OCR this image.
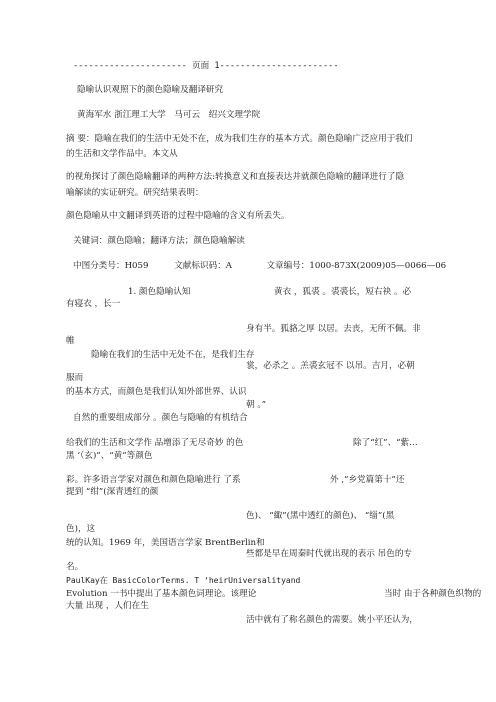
---------------------- 页面 1-----------------------
隐喻认识观照下的颜色隐喻及翻译研究
黄海军水 浙江理工大学　马可云　绍兴文理学院
摘 要：隐喻在我们的生活中无处不在，成为我们生存的基本方式。颜色隐喻广泛应用于我们
的生活和文学作品中。本文从
的视角探讨了颜色隐喻翻译的两种方法:转换意义和直接表达并就颜色隐喻的翻译进行了隐
喻解读的实证研究。研究结果表明：
颜色隐喻从中文翻译到英语的过程中隐喻的含义有所丢失。
关键词：颜色隐喻；翻译方法；颜色隐喻解读
中图分类号：H059　　　文献标识码：A　　　　文章编号：1000-873X(2009)05—0066—06
1. 颜色隐喻认知	黄衣 ，狐裘 。裘裘长，短右袂 。必
有寝衣 ，长一
身有半。狐貉之厚 以居。去丧，无所不佩。非
帷
隐喻在我们的生活中无处不在，是我们生存
裳，必杀之 。羔裘玄冠不 以吊。吉月，必朝
服而
的基本方式，而颜色是我们认知外部世界、认识
朝 。”
自然的重要组成部分 。颜色与隐喻的有机结合
给我们的生活和文学作 品增添了无尽奇妙 的色	除了“红”、“紫…
黑 ‘（玄)”、“黄”等颜色
彩。许多语言学家对颜色和颜色隐喻进行 了系	外 ,“乡党篇第十”还
提到 “绀”(深青透红的颜
色)、 “緅”(黑中透红的颜色)、 “缁”(黑
色)，这
统的认知。1969 年，美国语言学家 BrentBerlin和
些都是早在周秦时代就出现的表示 吊色的专
名。
PaulKay在 BasicColorTerms. T ‘heirUniversalityand
Evolution 一书中提出了基本颜色词理论。该理论	当时 由于各种颜色织物的
大量 出现 ，人们在生
活中就有了称名颜色的需要。姚小平还认为，
